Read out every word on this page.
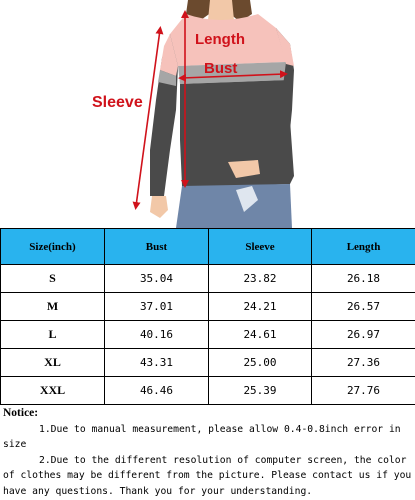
Length
Bust
Sleeve
Size(inch)	Bust	Sleeve	Length
S	35.04	23.82	26.18
M	37.01	24.21	26.57
L	40.16	24.61	26.97
XL	43.31	25.00	27.36
XXL	46.46	25.39	27.76
Notice:
1.Due to manual measurement, please allow 0.4-0.8inch error in size
2.Due to the different resolution of computer screen, the color of clothes may be different from the picture. Please contact us if you have any questions. Thank you for your understanding.
